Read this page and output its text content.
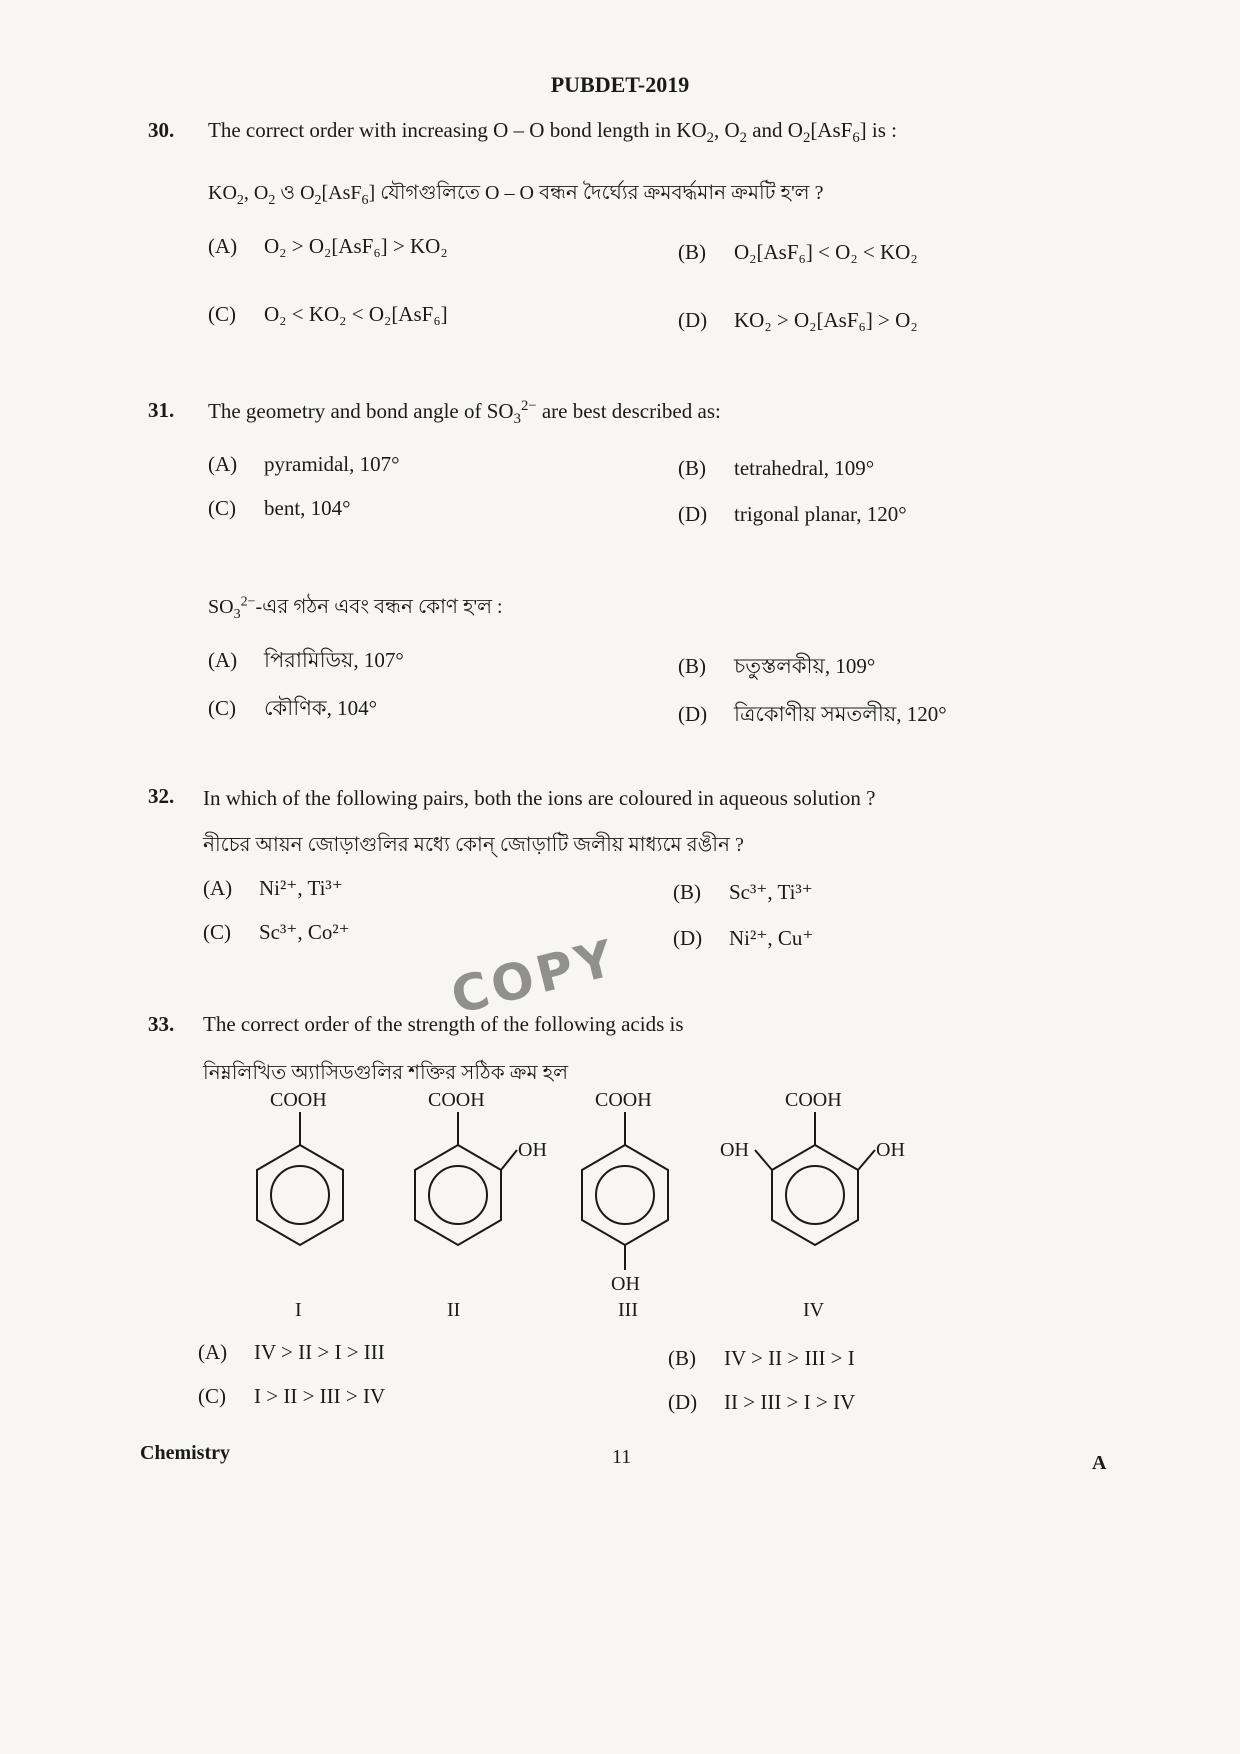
PUBDET-2019
30. The correct order with increasing O – O bond length in $KO_2$, $O_2$ and $O_2[AsF_6]$ is :
$KO_2$, $O_2$ ও $O_2[AsF_6]$ যৌগগুলিতে O – O বন্ধন দৈর্ঘ্যের ক্রমবর্দ্ধমান ক্রমটি হ'ল ?
(A) O₂ > O₂[AsF₆] > KO₂	(B) O₂[AsF₆] < O₂ < KO₂
(C) O₂ < KO₂ < O₂[AsF₆]	(D) KO₂ > O₂[AsF₆] > O₂
31. The geometry and bond angle of $SO_3^{2-}$ are best described as:
(A) pyramidal, 107°	(B) tetrahedral, 109°
(C) bent, 104°	(D) trigonal planar, 120°
$SO_3^{2-}-এর$ গঠন এবং বন্ধন কোণ হ'ল :
(A) পিরামিডিয়, 107°	(B) চতুস্তলকীয়, 109°
(C) কৌণিক, 104°	(D) ত্রিকোণীয় সমতলীয়, 120°
32. In which of the following pairs, both the ions are coloured in aqueous solution ?
নীচের আয়ন জোড়াগুলির মধ্যে কোন্ জোড়াটি জলীয় মাধ্যমে রঙীন ?
(A) Ni²⁺, Ti³⁺	(B) Sc³⁺, Ti³⁺
(C) Sc³⁺, Co²⁺	(D) Ni²⁺, Cu⁺
33. The correct order of the strength of the following acids is
নিম্নলিখিত অ্যাসিডগুলির শক্তির সঠিক ক্রম হল
COPY
COOH	COOH
OH
COOH
OH
COOH
OH
OH
I	II	III	IV
(A) IV > II > I > III	(B) IV > II > III > I
(C) I > II > III > IV	(D) II > III > I > IV
Chemistry	11	A
